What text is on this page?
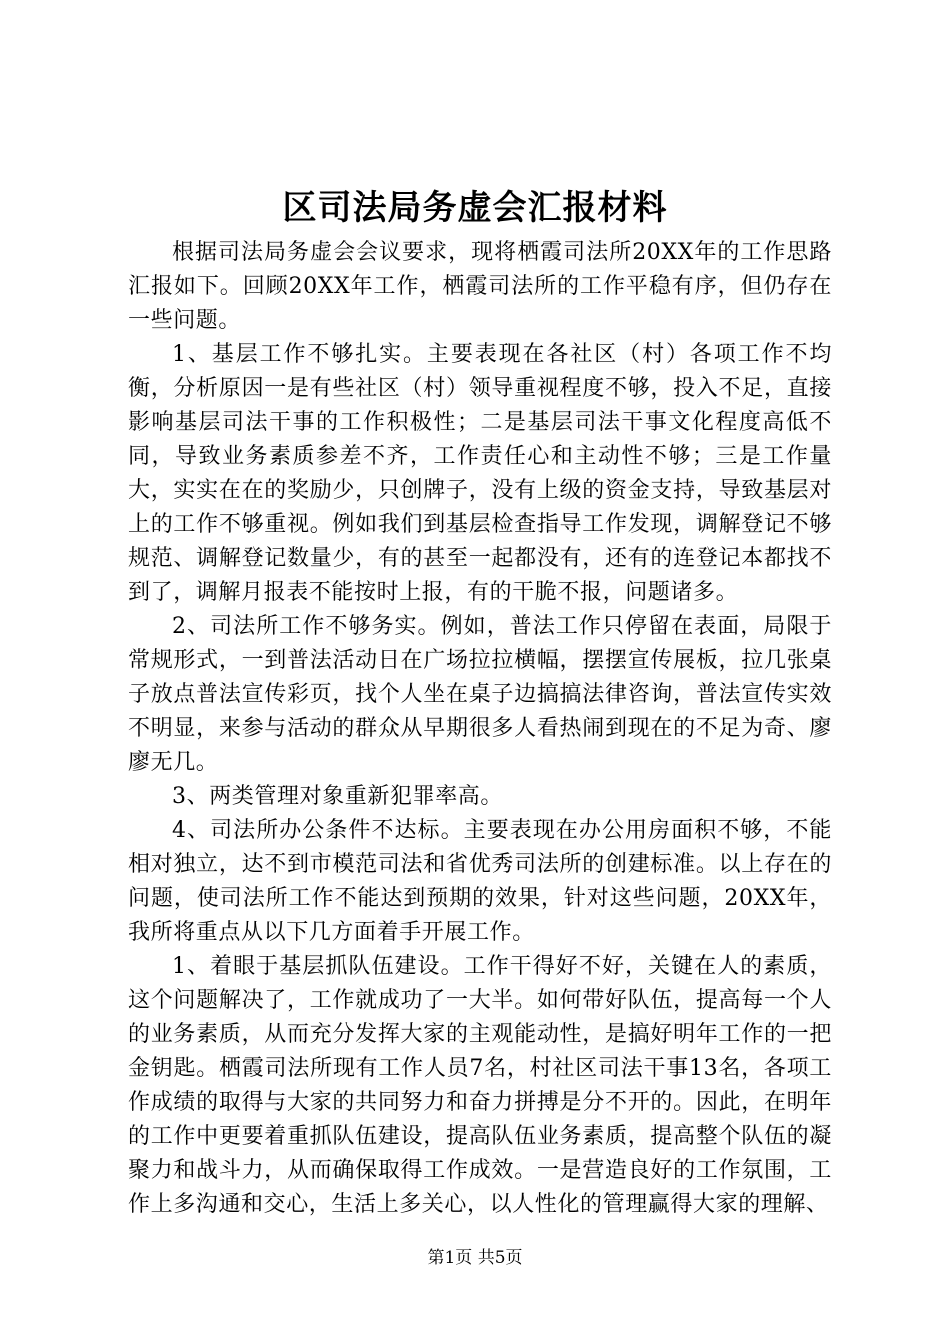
区司法局务虚会汇报材料

根据司法局务虚会会议要求，现将栖霞司法所20XX年的工作思路汇报如下。回顾20XX年工作，栖霞司法所的工作平稳有序，但仍存在一些问题。

1、基层工作不够扎实。主要表现在各社区（村）各项工作不均衡，分析原因一是有些社区（村）领导重视程度不够，投入不足，直接影响基层司法干事的工作积极性；二是基层司法干事文化程度高低不同，导致业务素质参差不齐，工作责任心和主动性不够；三是工作量大，实实在在的奖励少，只创牌子，没有上级的资金支持，导致基层对上的工作不够重视。例如我们到基层检查指导工作发现，调解登记不够规范、调解登记数量少，有的甚至一起都没有，还有的连登记本都找不到了，调解月报表不能按时上报，有的干脆不报，问题诸多。

2、司法所工作不够务实。例如，普法工作只停留在表面，局限于常规形式，一到普法活动日在广场拉拉横幅，摆摆宣传展板，拉几张桌子放点普法宣传彩页，找个人坐在桌子边搞搞法律咨询，普法宣传实效不明显，来参与活动的群众从早期很多人看热闹到现在的不足为奇、廖廖无几。

3、两类管理对象重新犯罪率高。

4、司法所办公条件不达标。主要表现在办公用房面积不够，不能相对独立，达不到市模范司法和省优秀司法所的创建标准。以上存在的问题，使司法所工作不能达到预期的效果，针对这些问题，20XX年，我所将重点从以下几方面着手开展工作。

1、着眼于基层抓队伍建设。工作干得好不好，关键在人的素质，这个问题解决了，工作就成功了一大半。如何带好队伍，提高每一个人的业务素质，从而充分发挥大家的主观能动性，是搞好明年工作的一把金钥匙。栖霞司法所现有工作人员7名，村社区司法干事13名，各项工作成绩的取得与大家的共同努力和奋力拼搏是分不开的。因此，在明年的工作中更要着重抓队伍建设，提高队伍业务素质，提高整个队伍的凝聚力和战斗力，从而确保取得工作成效。一是营造良好的工作氛围，工作上多沟通和交心，生活上多关心，以人性化的管理赢得大家的理解、

第1页 共5页
